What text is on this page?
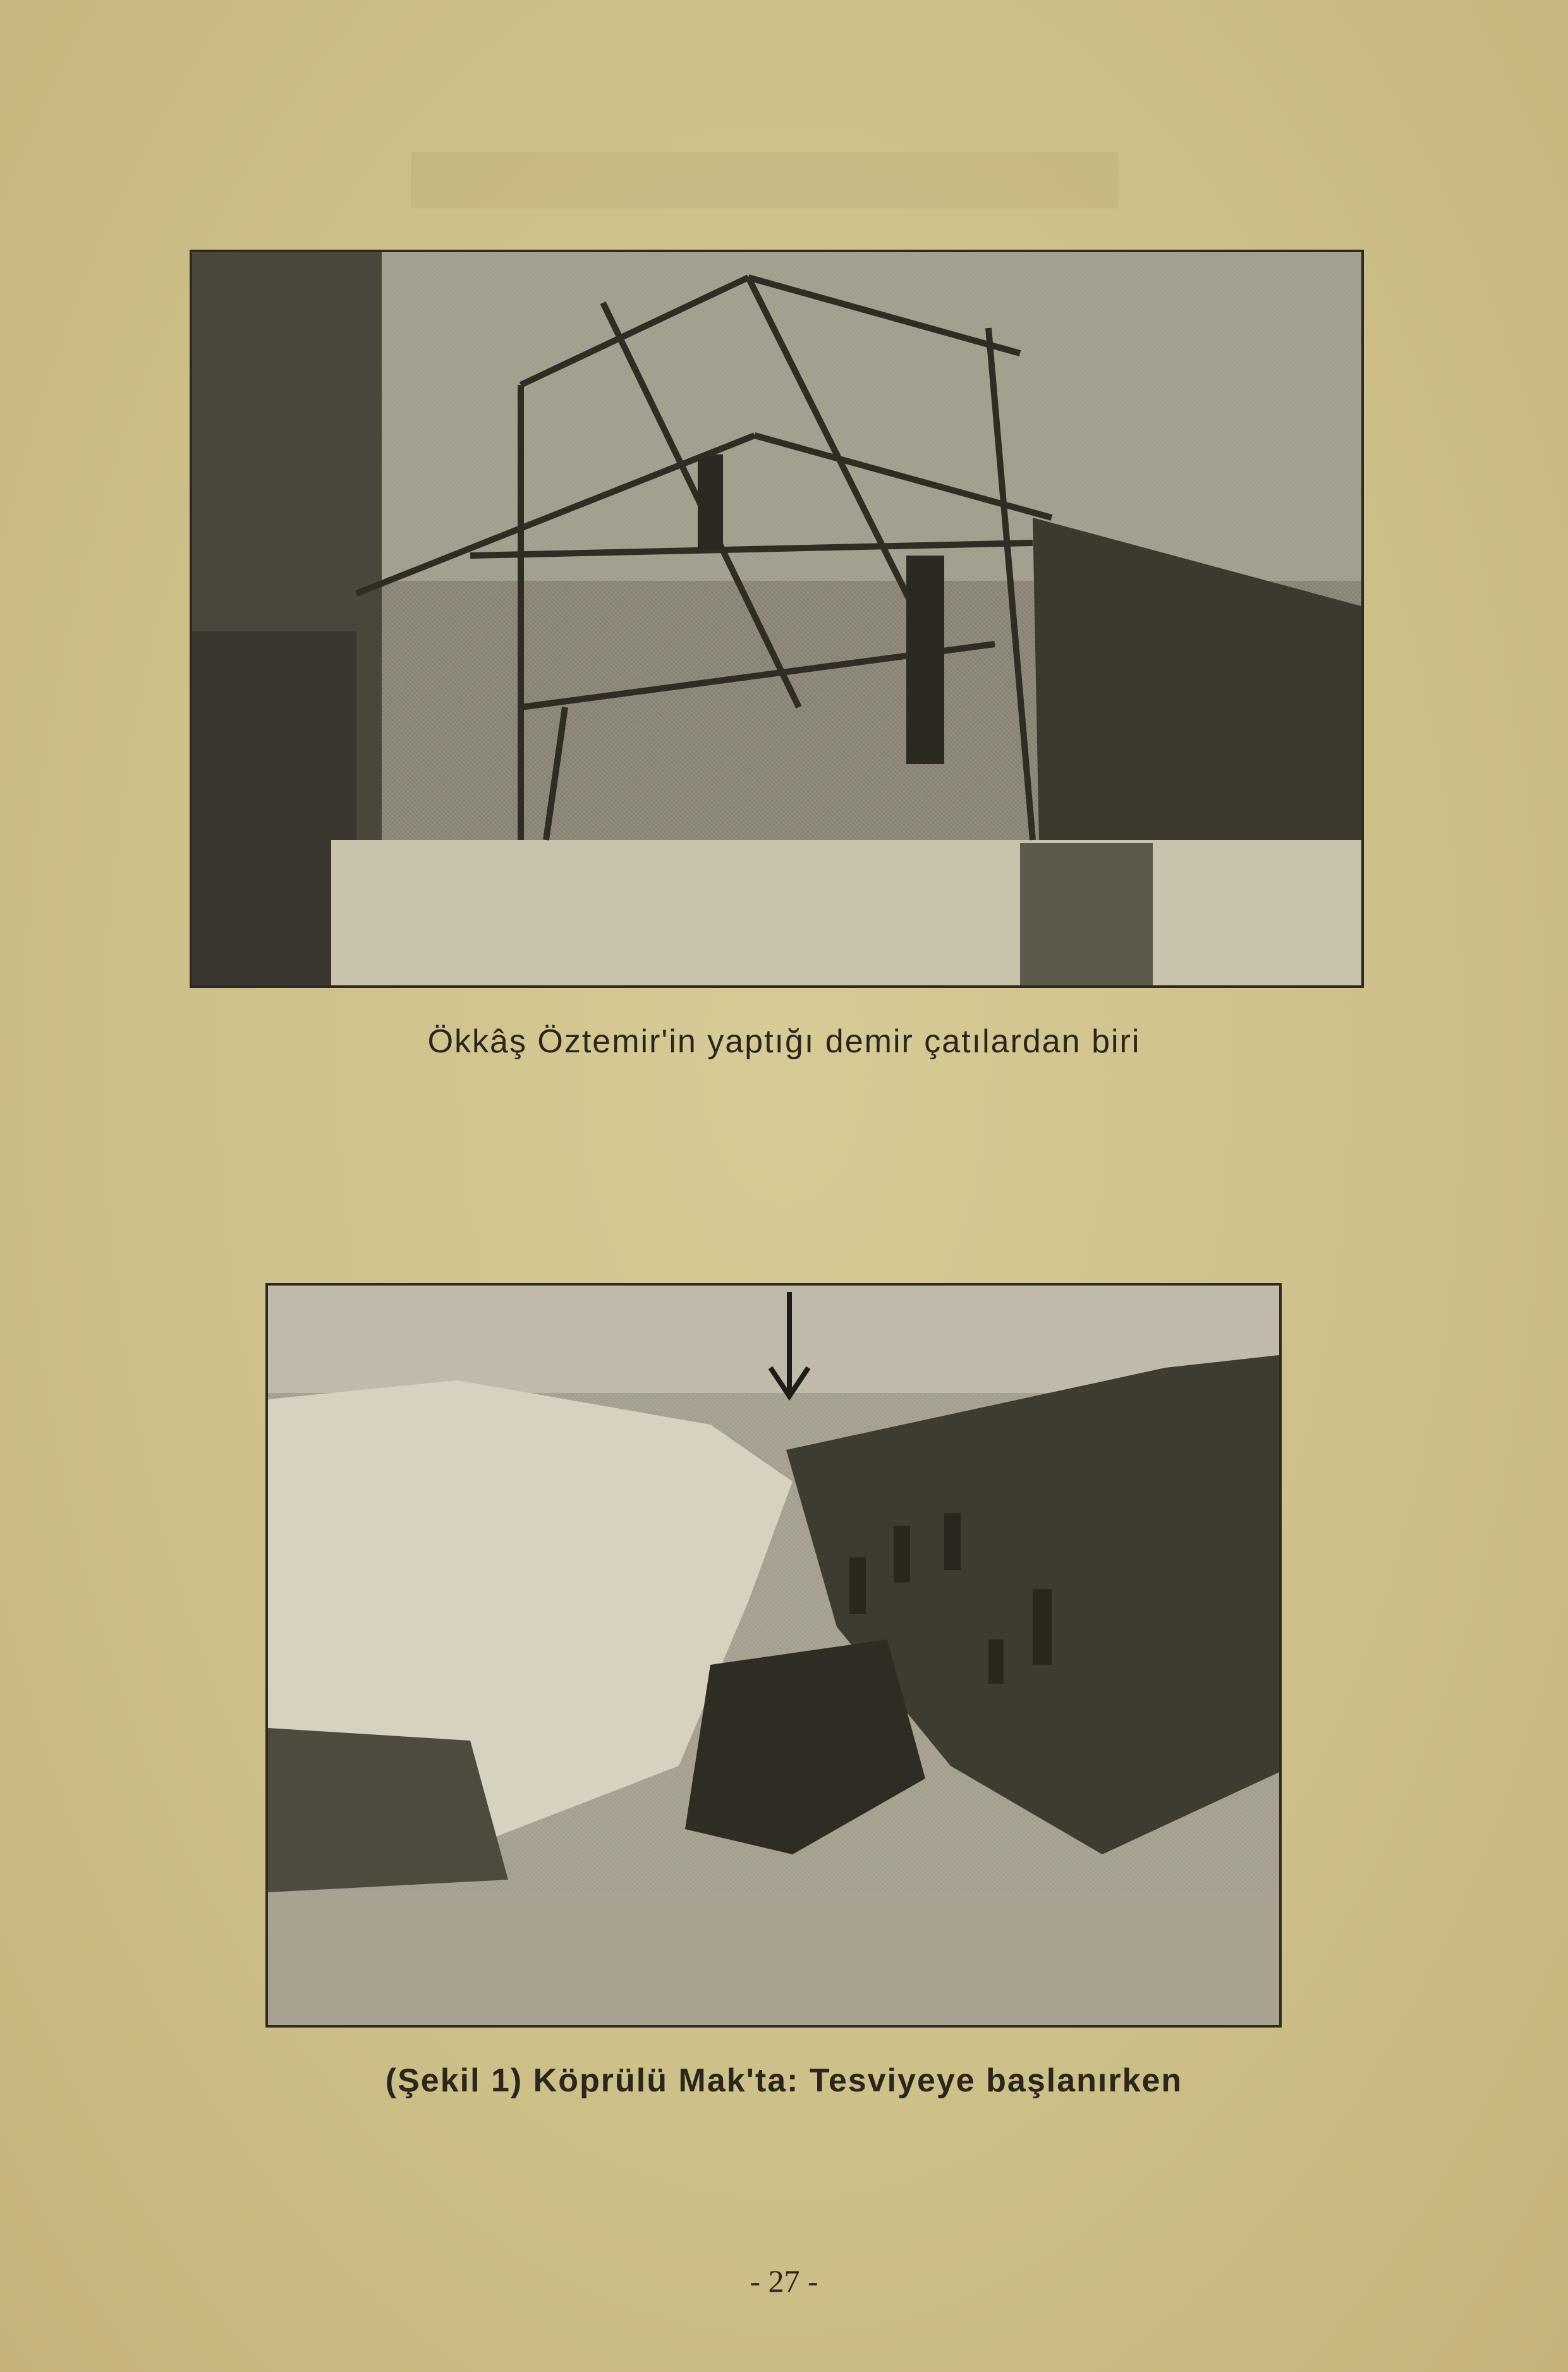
Ökkâş Öztemir'in yaptığı demir çatılardan biri
(Şekil 1) Köprülü Mak'ta: Tesviyeye başlanırken
- 27 -
